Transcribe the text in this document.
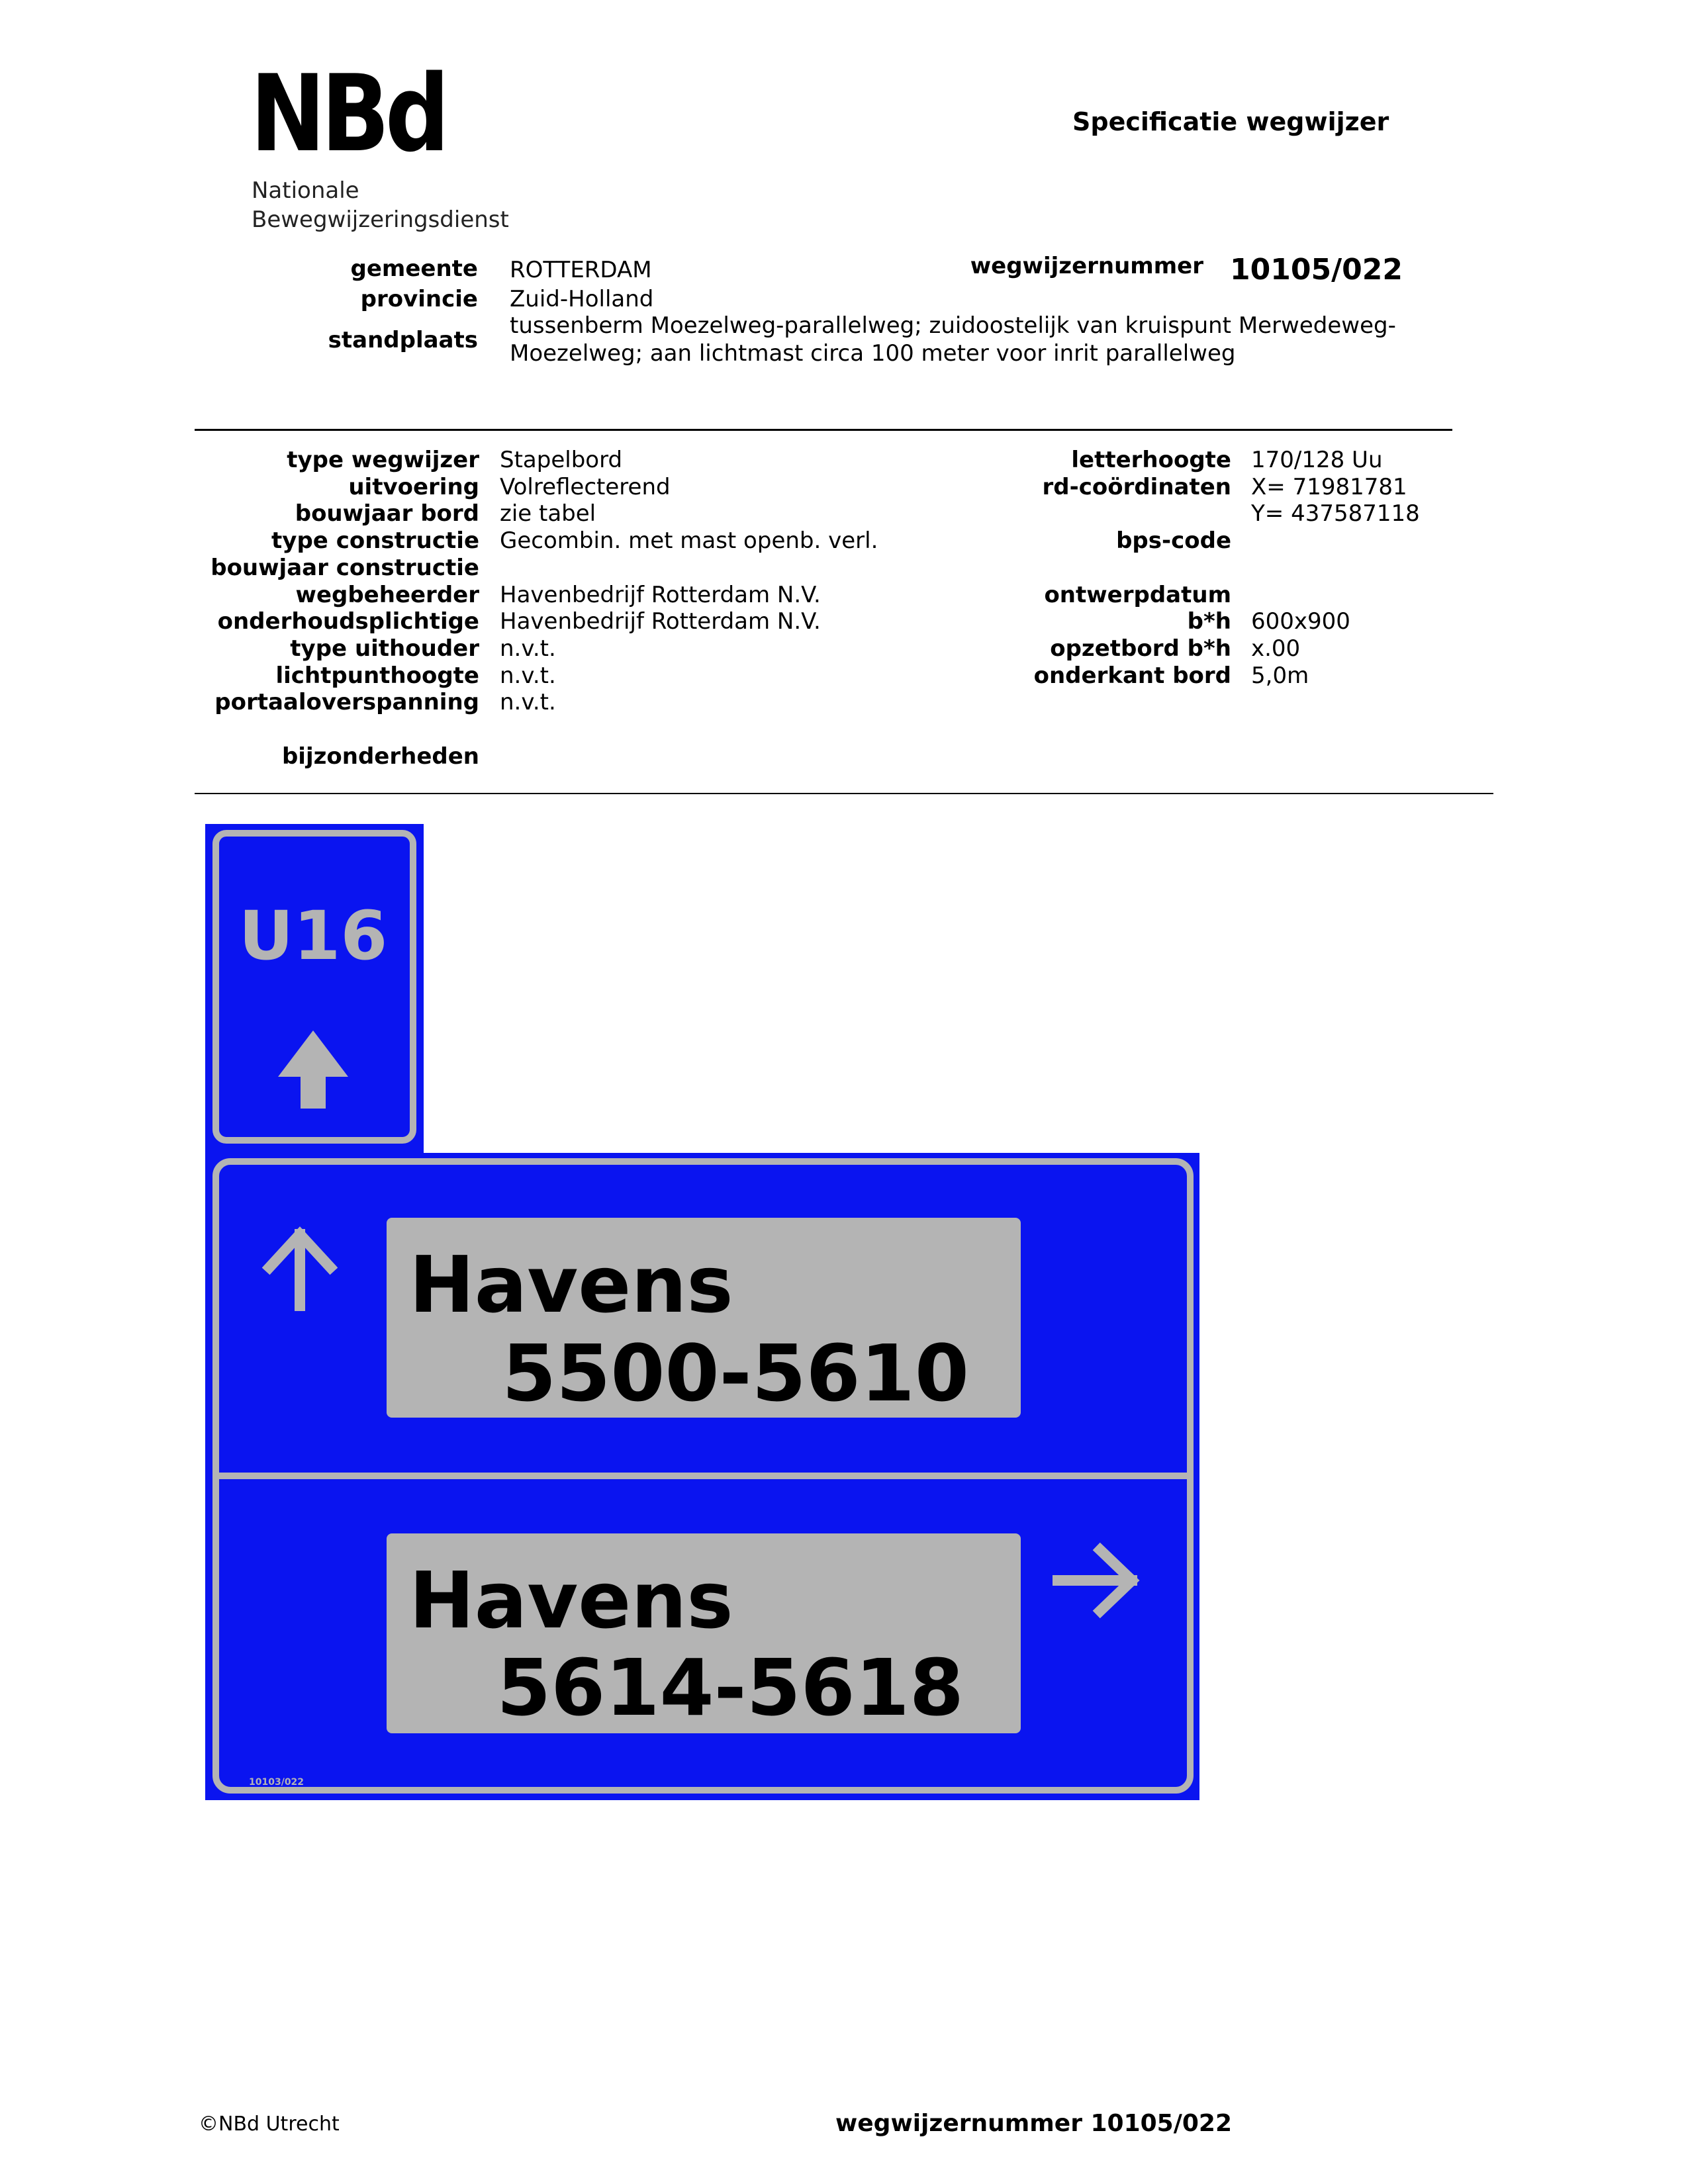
NBd
Nationale
Bewegwijzeringsdienst
Specificatie wegwijzer
gemeente ROTTERDAM	wegwijzernummer 10105/022
provincie Zuid-Holland
standplaats
tussenberm Moezelweg-parallelweg; zuidoostelijk van kruispunt Merwedeweg-
Moezelweg; aan lichtmast circa 100 meter voor inrit parallelweg
type wegwijzer Stapelbord
uitvoering Volreflecterend
bouwjaar bord zie tabel
type constructie Gecombin. met mast openb. verl.
bouwjaar constructie
wegbeheerder Havenbedrijf Rotterdam N.V.
onderhoudsplichtige Havenbedrijf Rotterdam N.V.
type uithouder n.v.t.
lichtpunthoogte n.v.t.
portaaloverspanning n.v.t.
bijzonderheden
letterhoogte 170/128 Uu
rd-coördinaten X= 71981781
Y= 437587118
bps-code
ontwerpdatum
b*h 600x900
opzetbord b*h x.00
onderkant bord 5,0m
U16
Havens
5500-5610
Havens
5614-5618
10103/022
©NBd Utrecht	wegwijzernummer 10105/022
